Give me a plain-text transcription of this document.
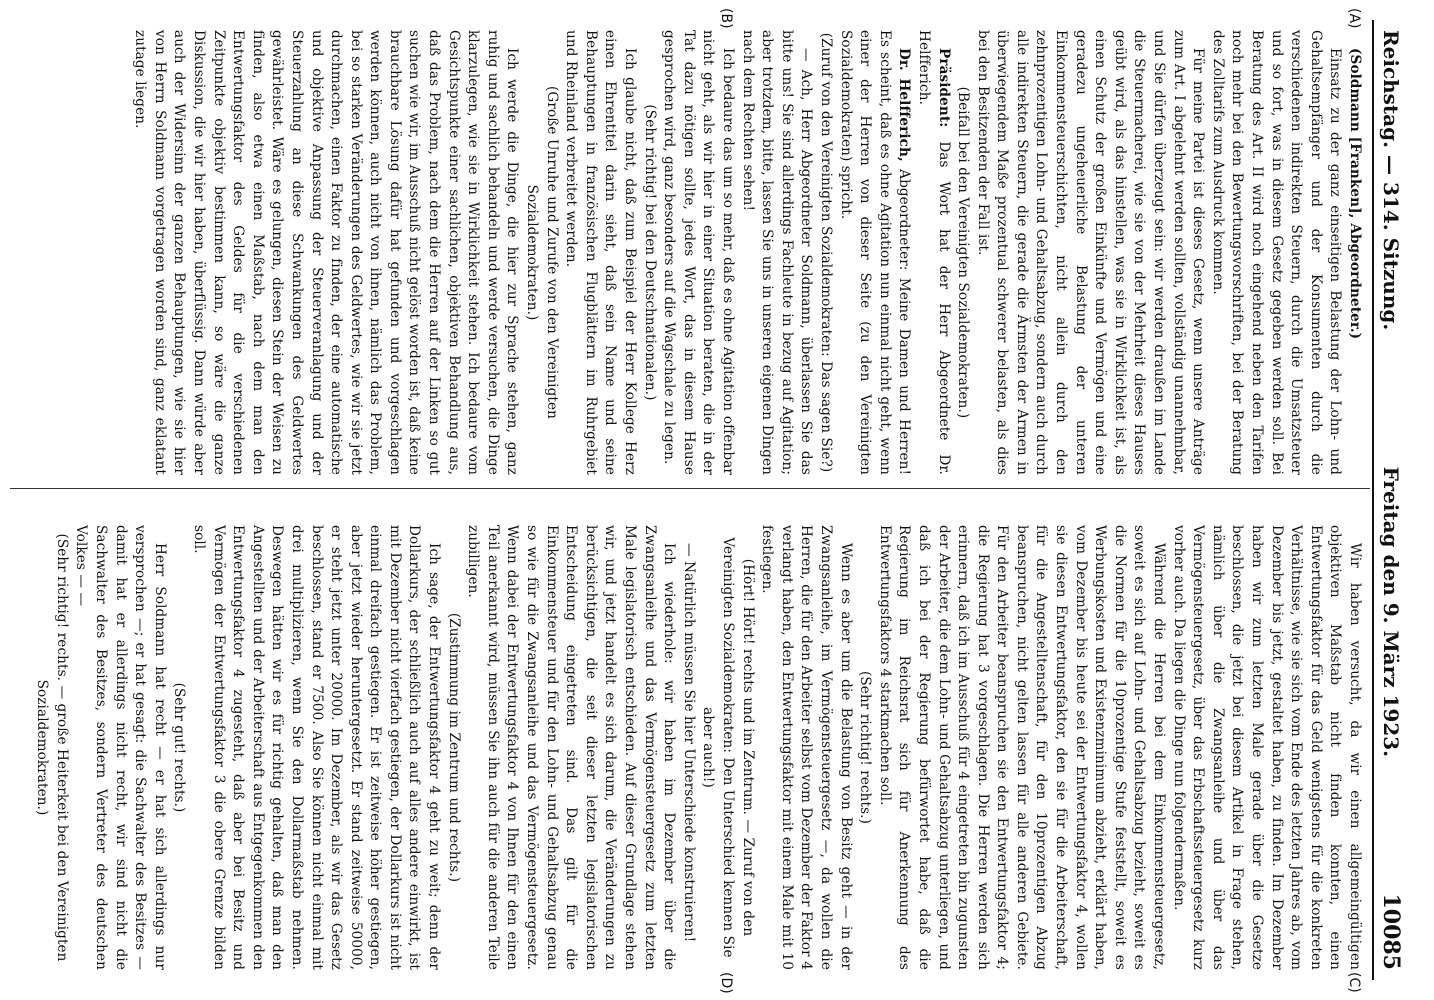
Reichstag. — 314. Sitzung.
Freitag den 9. März 1923.
10085
(A)
(B)
(C)
(D)

(Soldmann [Franken], Abgeordneter.)

Einsatz zu der ganz einseitigen Belastung der Lohn- und Gehaltsempfänger und der Konsumenten durch die verschiedenen indirekten Steuern, durch die Umsatzsteuer und so fort, was in diesem Gesetz gegeben werden soll. Bei Beratung des Art. II wird noch eingehend neben den Tarifen noch mehr bei den Bewertungsvorschriften, bei der Beratung des Zolltarifs zum Ausdruck kommen.

Für meine Partei ist dieses Gesetz, wenn unsere Anträge zum Art. I abgelehnt werden sollten, vollständig unannehmbar, und Sie dürfen überzeugt sein: wir werden draußen im Lande die Steuermacherei, wie sie von der Mehrheit dieses Hauses geübt wird, als das hinstellen, was sie in Wirklichkeit ist, als einen Schutz der großen Einkünfte und Vermögen und eine geradezu ungeheuerliche Belastung der unteren Einkommensteuerschichten, nicht allein durch den zehnprozentigen Lohn- und Gehaltsabzug, sondern auch durch alle indirekten Steuern, die gerade die Ärmsten der Armen in überwiegendem Maße prozentual schwerer belasten, als dies bei den Besitzenden der Fall ist.

(Beifall bei den Vereinigten Sozialdemokraten.)

Präsident: Das Wort hat der Herr Abgeordnete Dr. Helfferich.

Dr. Helfferich, Abgeordneter: Meine Damen und Herren! Es scheint, daß es ohne Agitation nun einmal nicht geht, wenn einer der Herren von dieser Seite (zu den Vereinigten Sozialdemokraten) spricht.

(Zuruf von den Vereinigten Sozialdemokraten: Das sagen Sie?)

— Ach, Herr Abgeordneter Soldmann, überlassen Sie das bitte uns! Sie sind allerdings Fachleute in bezug auf Agitation; aber trotzdem, bitte, lassen Sie uns in unseren eigenen Dingen nach dem Rechten sehen!

Ich bedaure das um so mehr, daß es ohne Agitation offenbar nicht geht, als wir hier in einer Situation beraten, die in der Tat dazu nötigen sollte, jedes Wort, das in diesem Hause gesprochen wird, ganz besonders auf die Wagschale zu legen.

(Sehr richtig! bei den Deutschnationalen.)

Ich glaube nicht, daß zum Beispiel der Herr Kollege Herz einen Ehrentitel darin sieht, daß sein Name und seine Behauptungen in französischen Flugblättern im Ruhrgebiet und Rheinland verbreitet werden.

(Große Unruhe und Zurufe von den Vereinigten Sozialdemokraten.)

Ich werde die Dinge, die hier zur Sprache stehen, ganz ruhig und sachlich behandeln und werde versuchen, die Dinge klarzulegen, wie sie in Wirklichkeit stehen. Ich bedaure vom Gesichtspunkte einer sachlichen, objektiven Behandlung aus, daß das Problem, nach dem die Herren auf der Linken so gut suchen wie wir, im Ausschuß nicht gelöst worden ist, daß keine brauchbare Lösung dafür hat gefunden und vorgeschlagen werden können, auch nicht von ihnen, nämlich das Problem, bei so starken Veränderungen des Geldwertes, wie wir sie jetzt durchmachen, einen Faktor zu finden, der eine automatische und objektive Anpassung der Steuerveranlagung und der Steuerzahlung an diese Schwankungen des Geldwertes gewährleistet. Wäre es gelungen, diesen Stein der Weisen zu finden, also etwa einen Maßstab, nach dem man den Entwertungsfaktor des Geldes für die verschiedenen Zeitpunkte objektiv bestimmen kann, so wäre die ganze Diskussion, die wir hier haben, überflüssig. Dann würde aber auch der Widersinn der ganzen Behauptungen, wie sie hier von Herrn Soldmann vorgetragen worden sind, ganz eklatant zutage liegen.

Wir haben versucht, da wir einen allgemeingültigen objektiven Maßstab nicht finden konnten, einen Entwertungsfaktor für das Geld wenigstens für die konkreten Verhältnisse, wie sie sich vom Ende des letzten Jahres ab, vom Dezember bis jetzt, gestaltet haben, zu finden. Im Dezember haben wir zum letzten Male gerade über die Gesetze beschlossen, die jetzt bei diesem Artikel in Frage stehen, nämlich über die Zwangsanleihe und über das Vermögensteuergesetz, über das Erbschaftssteuergesetz kurz vorher auch. Da liegen die Dinge nun folgendermaßen.

Während die Herren bei dem Einkommensteuergesetz, soweit es sich auf Lohn- und Gehaltsabzug bezieht, soweit es die Normen für die 10prozentige Stufe feststellt, soweit es Werbungskosten und Existenzminimum abzieht, erklärt haben, vom Dezember bis heute sei der Entwertungsfaktor 4, wollen sie diesen Entwertungsfaktor, den sie für die Arbeiterschaft, für die Angestelltenschaft, für den 10prozentigen Abzug beanspruchen, nicht gelten lassen für alle anderen Gebiete. Für den Arbeiter beanspruchen sie den Entwertungsfaktor 4; die Regierung hat 3 vorgeschlagen. Die Herren werden sich erinnern, daß ich im Ausschuß für 4 eingetreten bin zugunsten der Arbeiter, die dem Lohn- und Gehaltsabzug unterliegen, und daß ich bei der Regierung befürwortet habe, daß die Regierung im Reichsrat sich für Anerkennung des Entwertungsfaktors 4 starkmachen soll.

(Sehr richtig! rechts.)

Wenn es aber um die Belastung von Besitz geht — in der Zwangsanleihe, im Vermögensteuergesetz —, da wollen die Herren, die für den Arbeiter selbst vom Dezember der Faktor 4 verlangt haben, den Entwertungsfaktor mit einem Male mit 10 festlegen.

(Hört! Hört! rechts und im Zentrum. — Zuruf von den Vereinigten Sozialdemokraten: Den Unterschied kennen Sie aber auch!)

— Natürlich müssen Sie hier Unterschiede konstruieren!

Ich wiederhole: wir haben im Dezember über die Zwangsanleihe und das Vermögensteuergesetz zum letzten Male legislatorisch entschieden. Auf dieser Grundlage stehen wir, und jetzt handelt es sich darum, die Veränderungen zu berücksichtigen, die seit dieser letzten legislatorischen Entscheidung eingetreten sind. Das gilt für die Einkommensteuer und für den Lohn- und Gehaltsabzug genau so wie für die Zwangsanleihe und das Vermögensteuergesetz. Wenn dabei der Entwertungsfaktor 4 von Ihnen für den einen Teil anerkannt wird, müssen Sie ihn auch für die anderen Teile zubilligen.

(Zustimmung im Zentrum und rechts.)

Ich sage, der Entwertungsfaktor 4 geht zu weit; denn der Dollarkurs, der schließlich auch auf alles andere einwirkt, ist mit Dezember nicht vierfach gestiegen, der Dollarkurs ist nicht einmal dreifach gestiegen. Er ist zeitweise höher gestiegen, aber jetzt wieder heruntergesetzt. Er stand zeitweise 50000, er steht jetzt unter 20000. Im Dezember, als wir das Gesetz beschlossen, stand er 7500. Also Sie können nicht einmal mit drei multiplizieren, wenn Sie den Dollarmaßstab nehmen. Deswegen hätten wir es für richtig gehalten, daß man den Angestellten und der Arbeiterschaft aus Entgegenkommen den Entwertungsfaktor 4 zugesteht, daß aber bei Besitz und Vermögen der Entwertungsfaktor 3 die obere Grenze bilden soll.

(Sehr gut! rechts.)

Herr Soldmann hat recht — er hat sich allerdings nur versprochen —; er hat gesagt: die Sachwalter des Besitzes — damit hat er allerdings nicht recht, wir sind nicht die Sachwalter des Besitzes, sondern Vertreter des deutschen Volkes — —

(Sehr richtig! rechts. — große Heiterkeit bei den Vereinigten Sozialdemokraten.)
